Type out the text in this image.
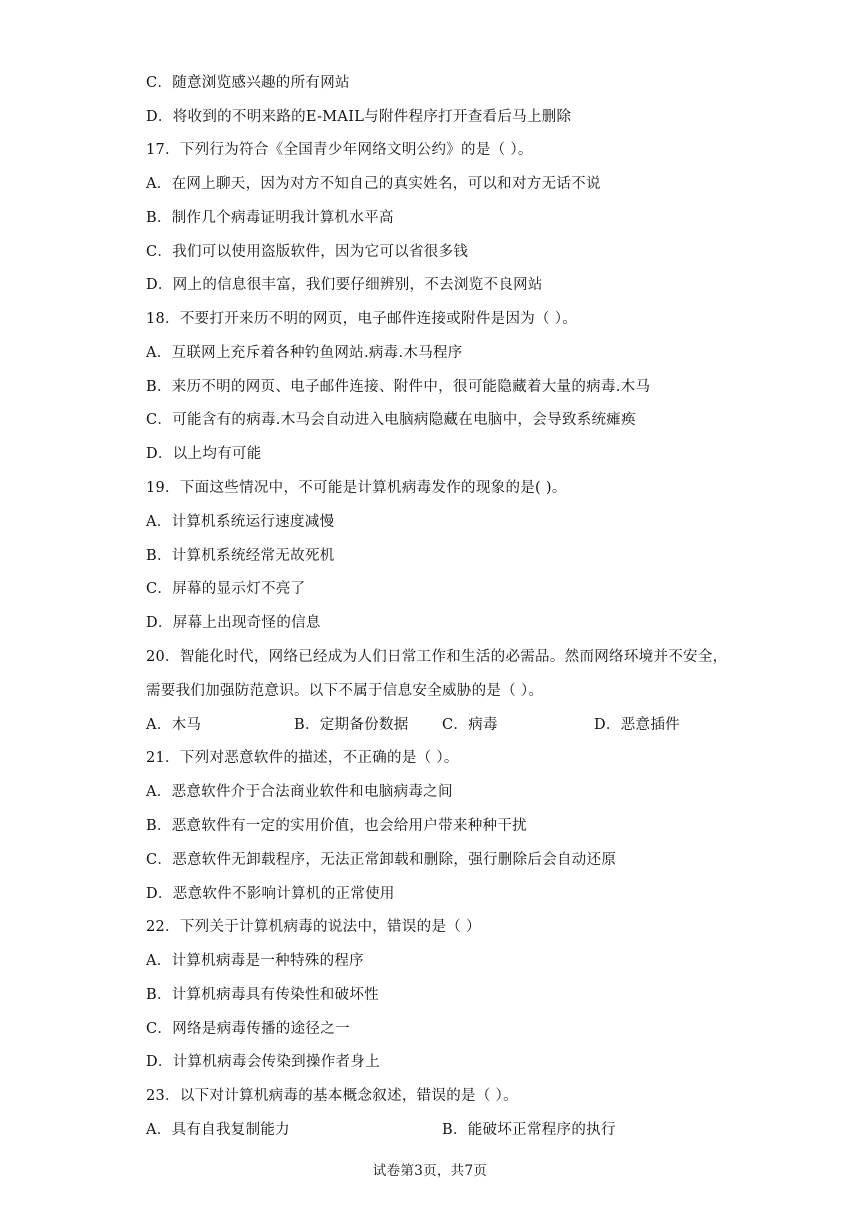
C．随意浏览感兴趣的所有网站
D．将收到的不明来路的E-MAIL与附件程序打开查看后马上删除
17．下列行为符合《全国青少年网络文明公约》的是（ ）。
A．在网上聊天，因为对方不知自己的真实姓名，可以和对方无话不说
B．制作几个病毒证明我计算机水平高
C．我们可以使用盗版软件，因为它可以省很多钱
D．网上的信息很丰富，我们要仔细辨别，不去浏览不良网站
18．不要打开来历不明的网页，电子邮件连接或附件是因为（ ）。
A．互联网上充斥着各种钓鱼网站.病毒.木马程序
B．来历不明的网页、电子邮件连接、附件中，很可能隐藏着大量的病毒.木马
C．可能含有的病毒.木马会自动进入电脑病隐藏在电脑中，会导致系统瘫痪
D．以上均有可能
19．下面这些情况中，不可能是计算机病毒发作的现象的是( )。
A．计算机系统运行速度减慢
B．计算机系统经常无故死机
C．屏幕的显示灯不亮了
D．屏幕上出现奇怪的信息
20．智能化时代，网络已经成为人们日常工作和生活的必需品。然而网络环境并不安全，
需要我们加强防范意识。以下不属于信息安全威胁的是（ ）。
A．木马	B．定期备份数据 C．病毒	D．恶意插件
21．下列对恶意软件的描述，不正确的是（ ）。
A．恶意软件介于合法商业软件和电脑病毒之间
B．恶意软件有一定的实用价值，也会给用户带来种种干扰
C．恶意软件无卸载程序，无法正常卸载和删除，强行删除后会自动还原
D．恶意软件不影响计算机的正常使用
22．下列关于计算机病毒的说法中，错误的是（ ）
A．计算机病毒是一种特殊的程序
B．计算机病毒具有传染性和破坏性
C．网络是病毒传播的途径之一
D．计算机病毒会传染到操作者身上
23．以下对计算机病毒的基本概念叙述，错误的是（ ）。
A．具有自我复制能力	B．能破坏正常程序的执行
试卷第3页，共7页
